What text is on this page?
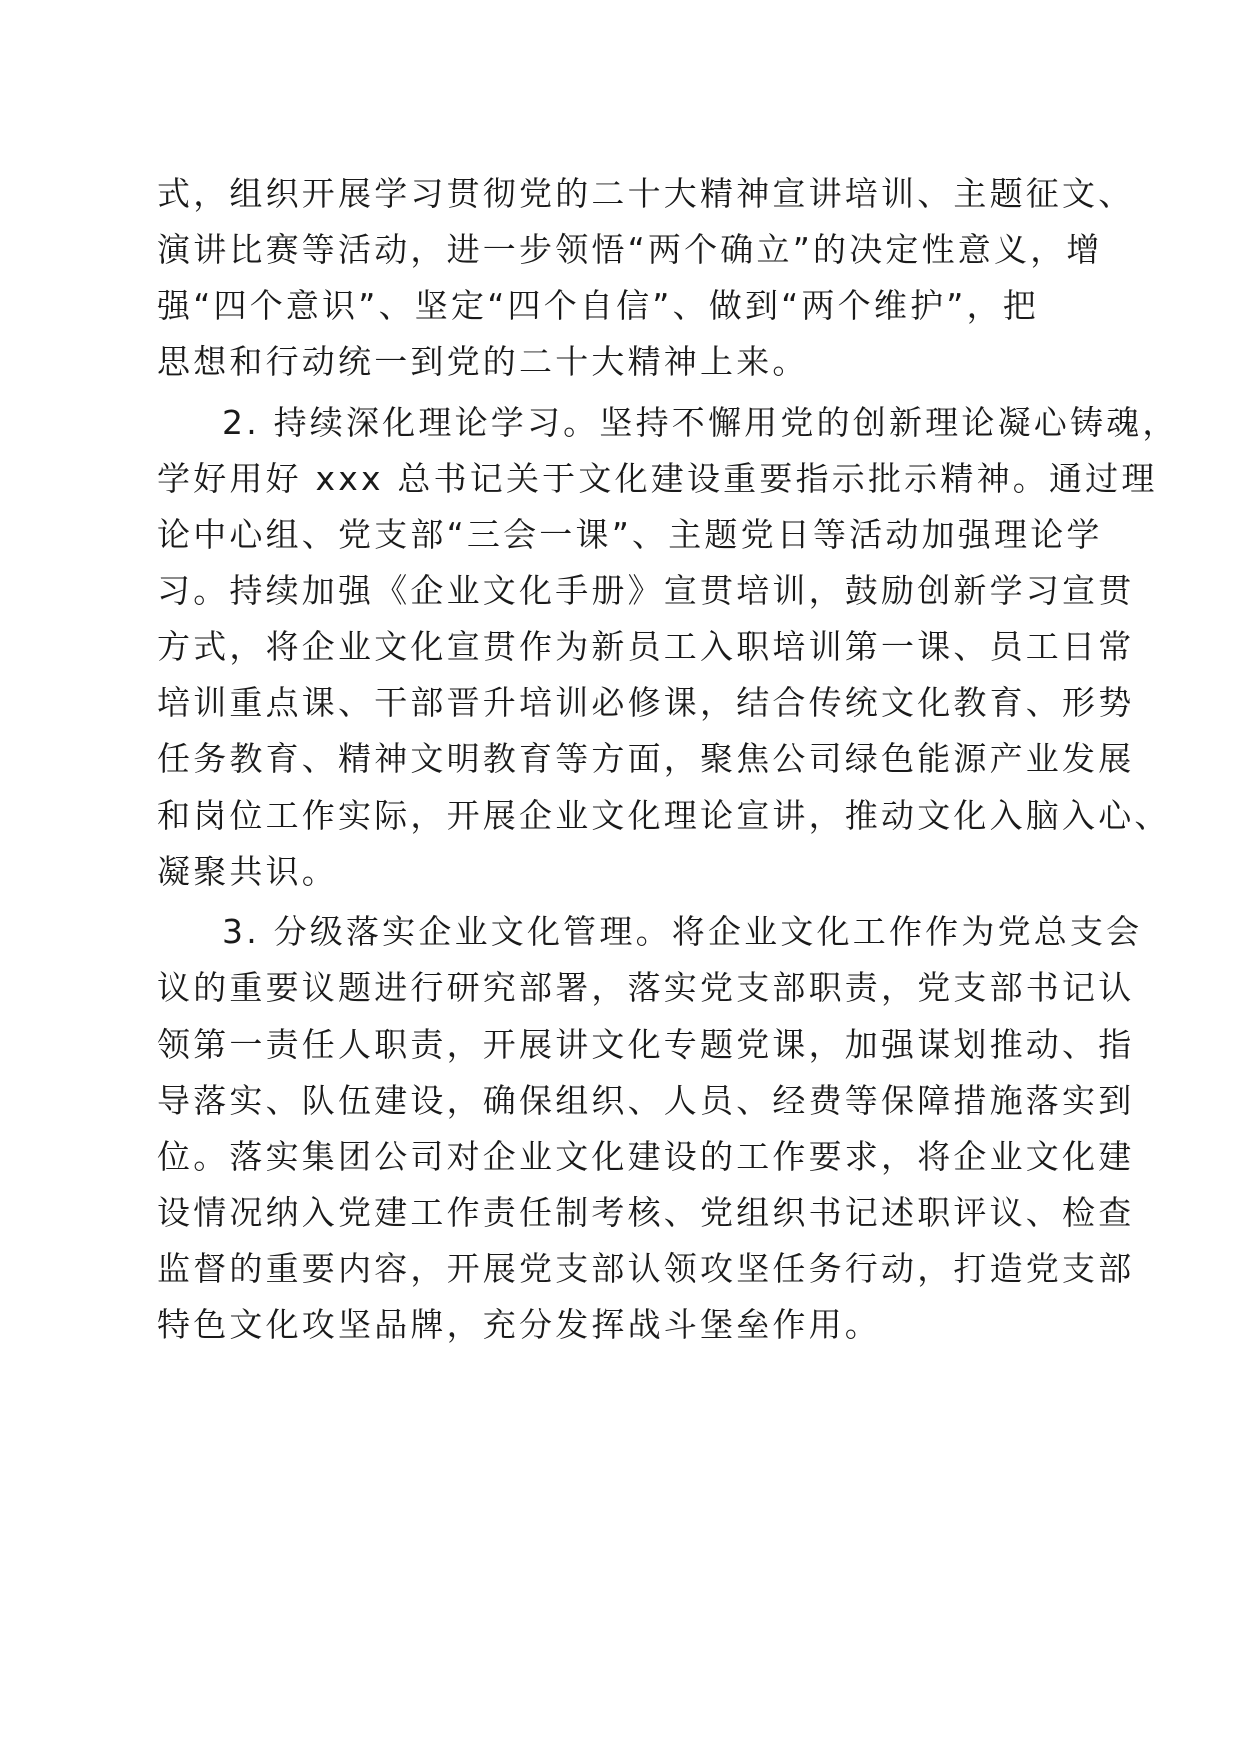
式，组织开展学习贯彻党的二十大精神宣讲培训、主题征文、
演讲比赛等活动，进一步领悟“两个确立”的决定性意义，增
强“四个意识”、坚定“四个自信”、做到“两个维护”，把
思想和行动统一到党的二十大精神上来。
2. 持续深化理论学习。坚持不懈用党的创新理论凝心铸魂，
学好用好 xxx 总书记关于文化建设重要指示批示精神。通过理
论中心组、党支部“三会一课”、主题党日等活动加强理论学
习。持续加强《企业文化手册》宣贯培训，鼓励创新学习宣贯
方式，将企业文化宣贯作为新员工入职培训第一课、员工日常
培训重点课、干部晋升培训必修课，结合传统文化教育、形势
任务教育、精神文明教育等方面，聚焦公司绿色能源产业发展
和岗位工作实际，开展企业文化理论宣讲，推动文化入脑入心、
凝聚共识。
3. 分级落实企业文化管理。将企业文化工作作为党总支会
议的重要议题进行研究部署，落实党支部职责，党支部书记认
领第一责任人职责，开展讲文化专题党课，加强谋划推动、指
导落实、队伍建设，确保组织、人员、经费等保障措施落实到
位。落实集团公司对企业文化建设的工作要求，将企业文化建
设情况纳入党建工作责任制考核、党组织书记述职评议、检查
监督的重要内容，开展党支部认领攻坚任务行动，打造党支部
特色文化攻坚品牌，充分发挥战斗堡垒作用。
